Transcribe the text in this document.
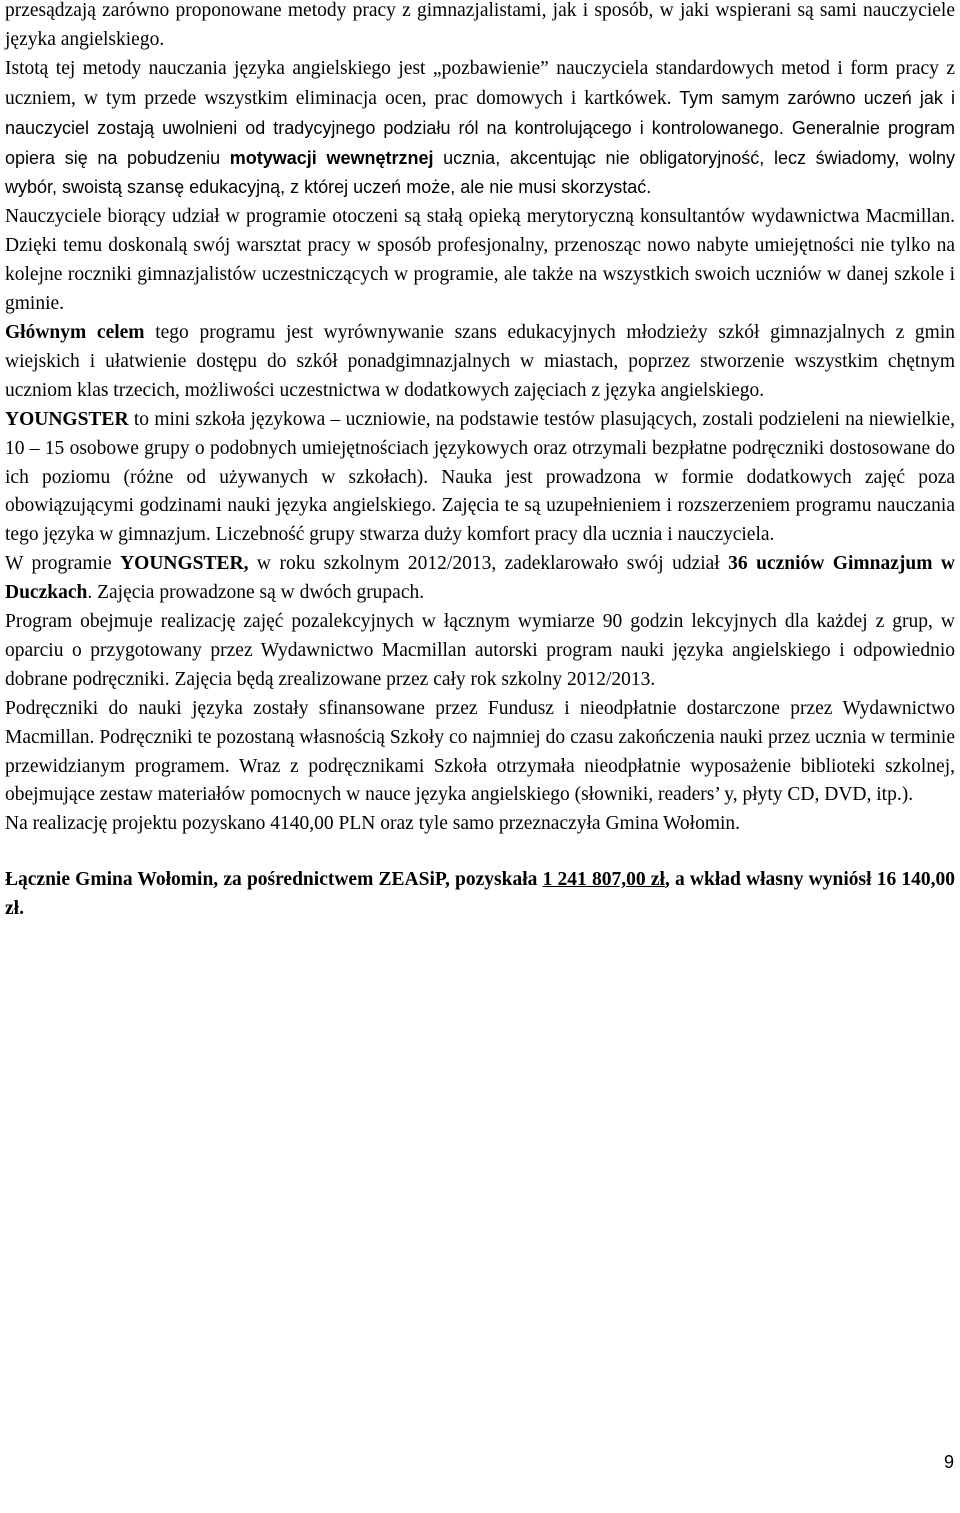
przesądzają zarówno proponowane metody pracy z gimnazjalistami, jak i sposób, w jaki wspierani są sami nauczyciele języka angielskiego.

Istotą tej metody nauczania języka angielskiego jest „pozbawienie” nauczyciela standardowych metod i form pracy z uczniem, w tym przede wszystkim eliminacja ocen, prac domowych i kartkówek. Tym samym zarówno uczeń jak i nauczyciel zostają uwolnieni od tradycyjnego podziału ról na kontrolującego i kontrolowanego. Generalnie program opiera się na pobudzeniu motywacji wewnętrznej ucznia, akcentując nie obligatoryjność, lecz świadomy, wolny wybór, swoistą szansę edukacyjną, z której uczeń może, ale nie musi skorzystać.

Nauczyciele biorący udział w programie otoczeni są stałą opieką merytoryczną konsultantów wydawnictwa Macmillan. Dzięki temu doskonalą swój warsztat pracy w sposób profesjonalny, przenosząc nowo nabyte umiejętności nie tylko na kolejne roczniki gimnazjalistów uczestniczących w programie, ale także na wszystkich swoich uczniów w danej szkole i gminie.

Głównym celem tego programu jest wyrównywanie szans edukacyjnych młodzieży szkół gimnazjalnych z gmin wiejskich i ułatwienie dostępu do szkół ponadgimnazjalnych w miastach, poprzez stworzenie wszystkim chętnym uczniom klas trzecich, możliwości uczestnictwa w dodatkowych zajęciach z języka angielskiego.

YOUNGSTER to mini szkoła językowa – uczniowie, na podstawie testów plasujących, zostali podzieleni na niewielkie, 10 – 15 osobowe grupy o podobnych umiejętnościach językowych oraz otrzymali bezpłatne podręczniki dostosowane do ich poziomu (różne od używanych w szkołach). Nauka jest prowadzona w formie dodatkowych zajęć poza obowiązującymi godzinami nauki języka angielskiego. Zajęcia te są uzupełnieniem i rozszerzeniem programu nauczania tego języka w gimnazjum. Liczebność grupy stwarza duży komfort pracy dla ucznia i nauczyciela.

W programie YOUNGSTER, w roku szkolnym 2012/2013, zadeklarowało swój udział 36 uczniów Gimnazjum w Duczkach. Zajęcia prowadzone są w dwóch grupach.

Program obejmuje realizację zajęć pozalekcyjnych w łącznym wymiarze 90 godzin lekcyjnych dla każdej z grup, w oparciu o przygotowany przez Wydawnictwo Macmillan autorski program nauki języka angielskiego i odpowiednio dobrane podręczniki. Zajęcia będą zrealizowane przez cały rok szkolny 2012/2013.

Podręczniki do nauki języka zostały sfinansowane przez Fundusz i nieodpłatnie dostarczone przez Wydawnictwo Macmillan. Podręczniki te pozostaną własnością Szkoły co najmniej do czasu zakończenia nauki przez ucznia w terminie przewidzianym programem. Wraz z podręcznikami Szkoła otrzymała nieodpłatnie wyposażenie biblioteki szkolnej, obejmujące zestaw materiałów pomocnych w nauce języka angielskiego (słowniki, readers’ y, płyty CD, DVD, itp.).

Na realizację projektu pozyskano 4140,00 PLN oraz tyle samo przeznaczyła Gmina Wołomin.

Łącznie Gmina Wołomin, za pośrednictwem ZEASiP, pozyskała 1 241 807,00 zł, a wkład własny wyniósł 16 140,00 zł.

9
